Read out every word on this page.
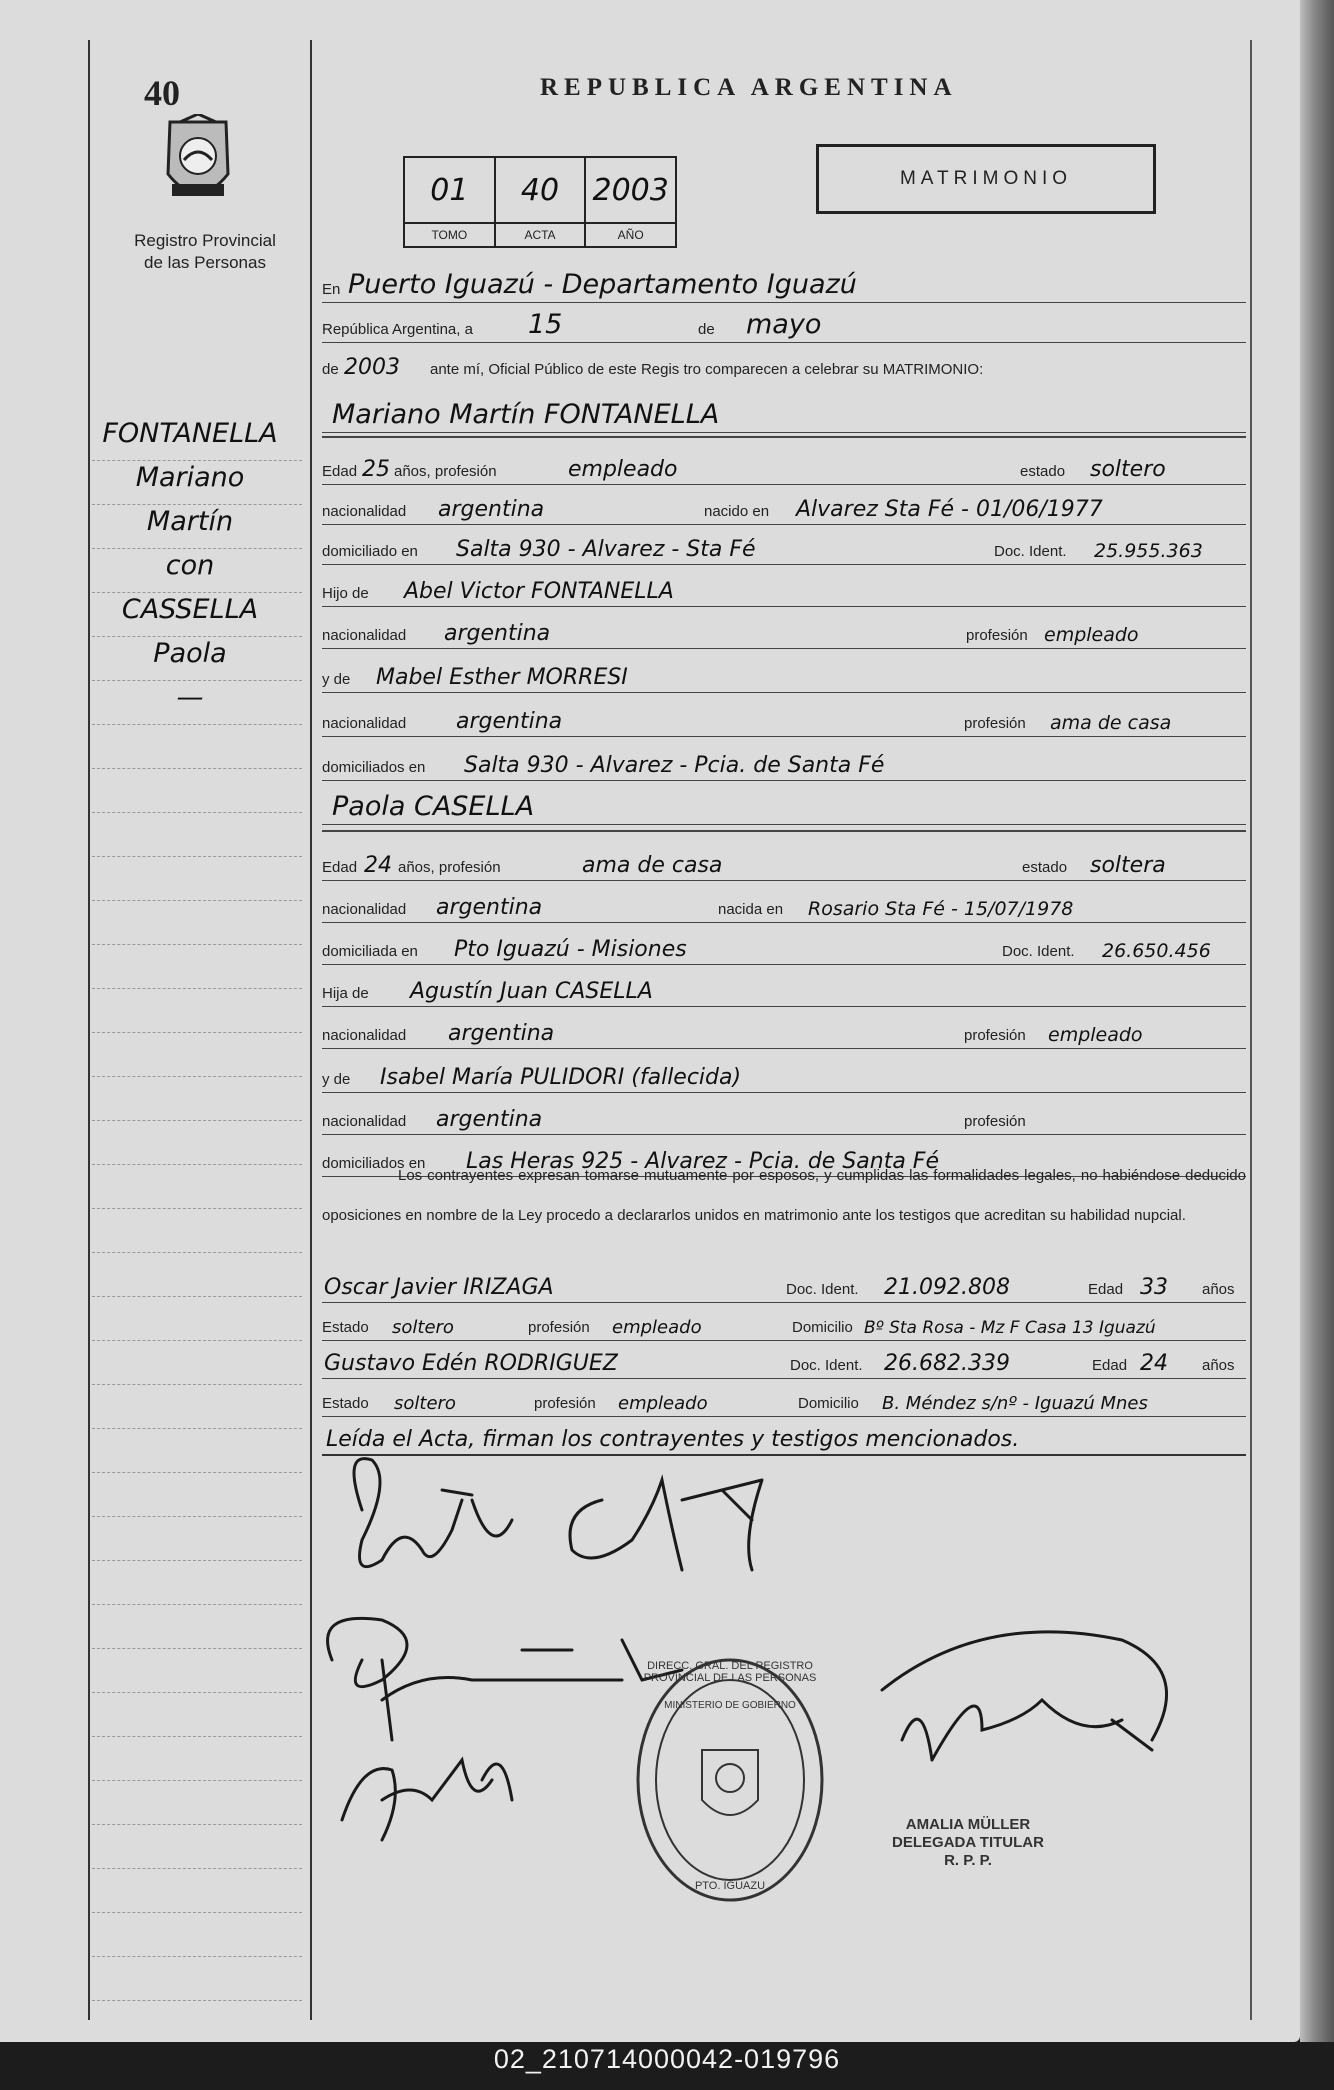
40
Registro Provincial
de las Personas
REPUBLICA ARGENTINA
01
TOMO
40
ACTA
2003
AÑO
MATRIMONIO
FONTANELLA
Mariano
Martín
con
CASSELLA
Paola
—
En Puerto Iguazú - Departamento Iguazú
República Argentina, a 15	de mayo
de 2003 ante mí, Oficial Público de este Regis tro comparecen a celebrar su MATRIMONIO:
Mariano Martín FONTANELLA
Edad 25 años, profesión	empleado	estado soltero
nacionalidad argentina	nacido en Alvarez Sta Fé - 01/06/1977
domiciliado en Salta 930 - Alvarez - Sta Fé	Doc. Ident. 25.955.363
Hijo de Abel Victor FONTANELLA
nacionalidad argentina	profesión empleado
y de Mabel Esther MORRESI
nacionalidad argentina	profesión ama de casa
domiciliados en Salta 930 - Alvarez - Pcia. de Santa Fé
Paola CASELLA
Edad 24 años, profesión	ama de casa	estado soltera
nacionalidad argentina	nacida en Rosario Sta Fé - 15/07/1978
domiciliada en Pto Iguazú - Misiones	Doc. Ident. 26.650.456
Hija de Agustín Juan CASELLA
nacionalidad argentina	profesión empleado
y de Isabel María PULIDORI (fallecida)
nacionalidad argentina	profesión
domiciliados en Las Heras 925 - Alvarez - Pcia. de Santa Fé
Los contrayentes expresan tomarse mutuamente por esposos, y cumplidas las formalidades legales, no habiéndose deducido oposiciones en nombre de la Ley procedo a declararlos unidos en matrimonio ante los testigos que acreditan su habilidad nupcial.
Oscar Javier IRIZAGA	Doc. Ident. 21.092.808	Edad 33 años
Estado soltero	profesión empleado	Domicilio Bº Sta Rosa - Mz F Casa 13 Iguazú
Gustavo Edén RODRIGUEZ	Doc. Ident. 26.682.339	Edad 24 años
Estado soltero	profesión empleado	Domicilio B. Méndez s/nº - Iguazú Mnes
Leída el Acta, firman los contrayentes y testigos mencionados.
DIRECC. GRAL. DEL REGISTRO PROVINCIAL DE LAS PERSONAS
MINISTERIO DE GOBIERNO
PTO. IGUAZU
AMALIA MÜLLER
DELEGADA TITULAR
R. P. P.
02_210714000042-019796
